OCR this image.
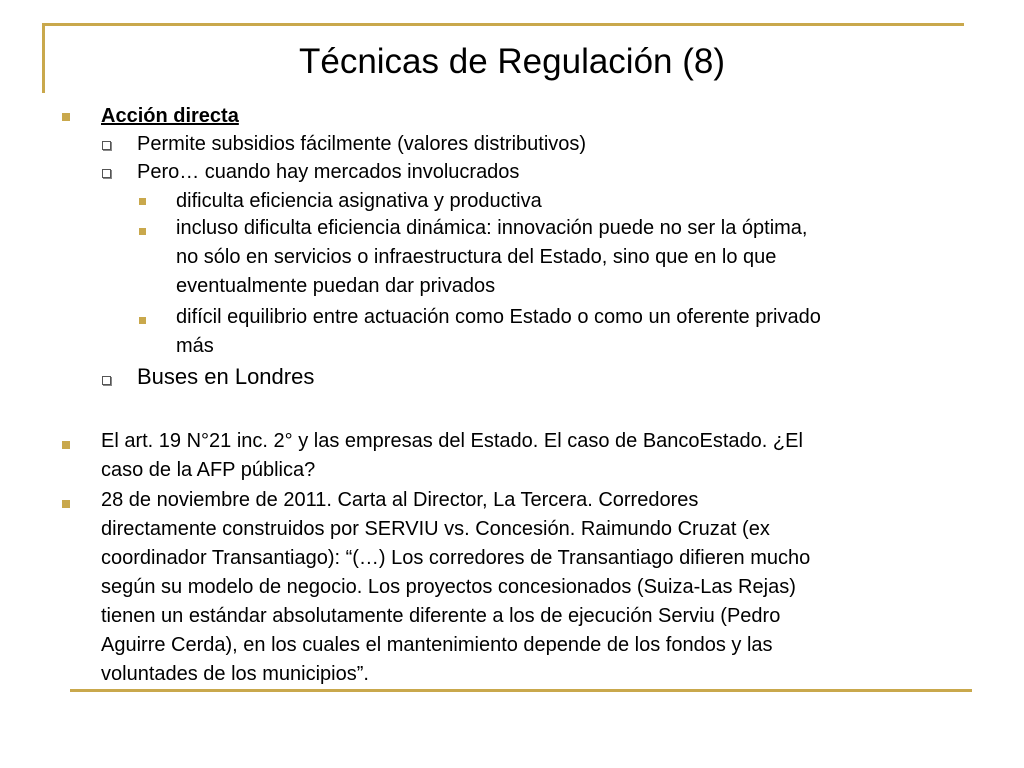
Técnicas de Regulación (8)

Acción directa

Permite subsidios fácilmente (valores distributivos)

Pero… cuando hay mercados involucrados

dificulta eficiencia asignativa y productiva

incluso dificulta eficiencia dinámica: innovación puede no ser la óptima,
no sólo en servicios o infraestructura del Estado, sino que en lo que
eventualmente puedan dar privados
difícil equilibrio entre actuación como Estado o como un oferente privado
más

Buses en Londres

El art. 19 N°21 inc. 2° y las empresas del Estado. El caso de BancoEstado. ¿El
caso de la AFP pública?
28 de noviembre de 2011. Carta al Director, La Tercera. Corredores
directamente construidos por SERVIU vs. Concesión. Raimundo Cruzat (ex
coordinador Transantiago): “(…) Los corredores de Transantiago difieren mucho
según su modelo de negocio. Los proyectos concesionados (Suiza-Las Rejas)
tienen un estándar absolutamente diferente a los de ejecución Serviu (Pedro
Aguirre Cerda), en los cuales el mantenimiento depende de los fondos y las
voluntades de los municipios”.
